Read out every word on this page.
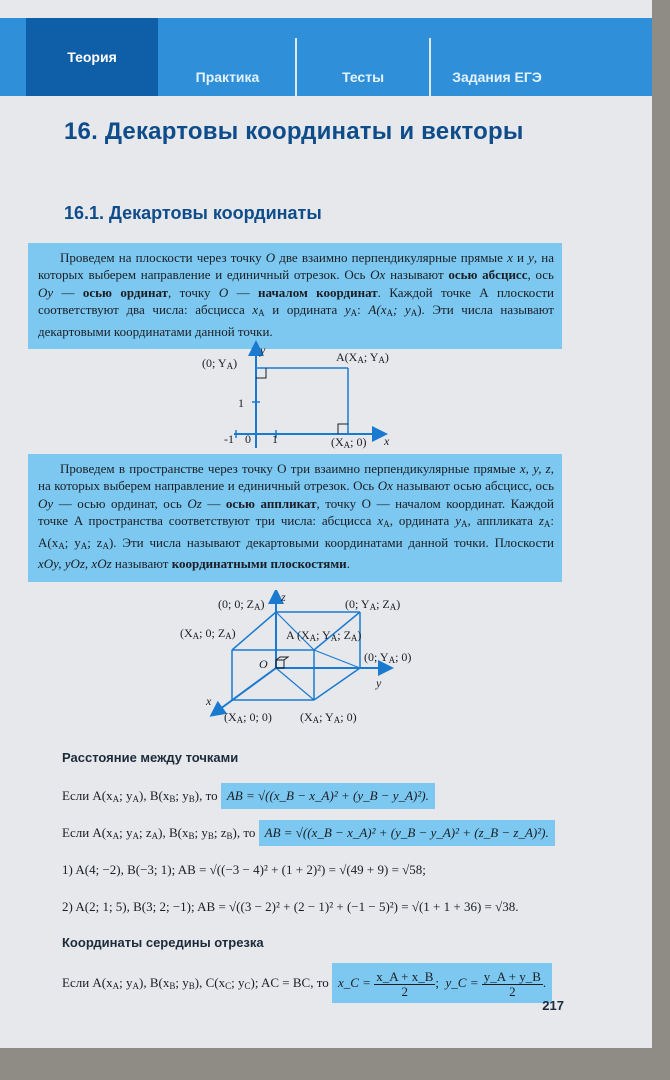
Теория
Практика	Тесты	Задания ЕГЭ
16. Декартовы координаты и векторы
16.1. Декартовы координаты

Проведем на плоскости через точку O две взаимно перпендикулярные прямые x и y, на которых выберем направление и единичный отрезок. Ось Ox называют осью абсцисс, ось Oy — осью ординат, точку O — началом координат. Каждой точке А плоскости соответствуют два числа: абсцисса $x_A$ и ордината $y_A$: $A(x_A$; $y_A$). Эти числа называют декартовыми координатами данной точки.

y
(0; $Y_A$)	$A(X_A$; $Y_A$)
1
-1 0 1	($X_A$; 0) x

Проведем в пространстве через точку O три взаимно перпендикулярные прямые x, y, z, на которых выберем направление и единичный отрезок. Ось Ox называют осью абсцисс, ось Oy — осью ординат, ось Oz — осью аппликат, точку O — началом координат. Каждой точке A пространства соответствуют три числа: абсцисса $x_A$, ордината $y_A$, аппликата $z_A$: $A(x_A$; $y_A$; $z_A$). Эти числа называют декартовыми координатами данной точки. Плоскости xOy, yOz, xOz называют координатными плоскостями.

z
(0; 0; $Z_A$)	(0; $Y_A$; $Z_A$)
($X_A$; 0; $Z_A$)	A ($X_A$; $Y_A$; $Z_A$)
O	(0; $Y_A$; 0)
y
x
($X_A$; 0; 0) ($X_A$; $Y_A$; 0)
Расстояние между точками
Если $A(x_A$; $y_A$), $B(x_B$; $y_B$), то AB = √((x_B − x_A)² + (y_B − y_A)²).
Если $A(x_A$; $y_A$; $z_A$), $B(x_B$; $y_B$; $z_B$), то AB = √((x_B − x_A)² + (y_B − y_A)² + (z_B − z_A)²).
1) A(4; −2), B(−3; 1); AB = √((−3 − 4)² + (1 + 2)²) = √(49 + 9) = √58;
2) A(2; 1; 5), B(3; 2; −1); AB = √((3 − 2)² + (2 − 1)² + (−1 − 5)²) = √(1 + 1 + 36) = √38.
Координаты середины отрезка
Если $A(x_A$; $y_A$), $B(x_B$; $y_B$), $C(x_C$; $y_C$); AC = BC, то x_C = $\frac{x\_A + x\_B}{2}$ ; y_C = $\frac{y\_A + y\_B}{2}$ .
217
